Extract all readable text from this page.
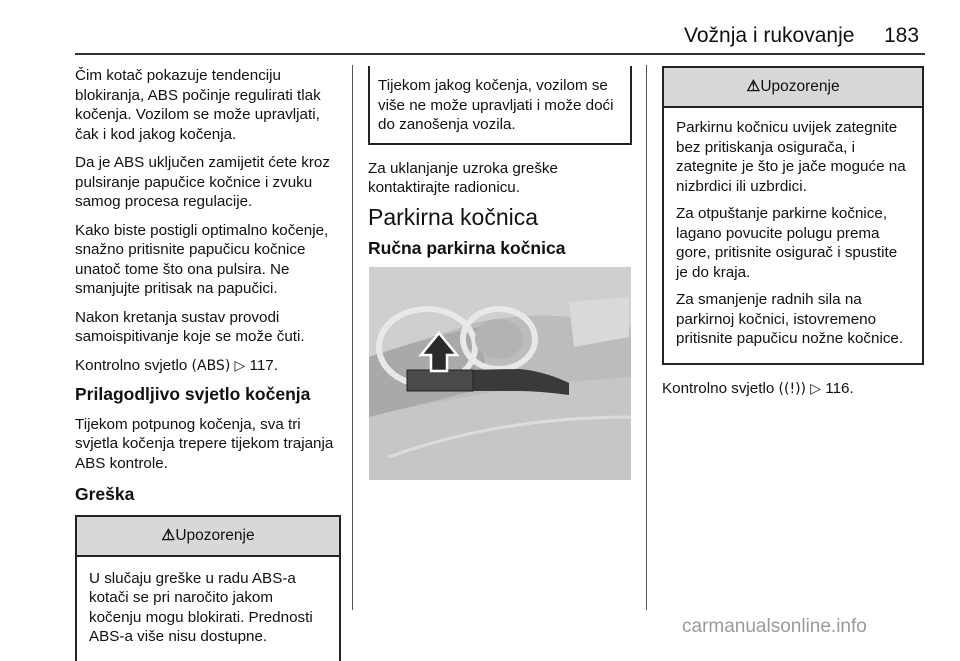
Vožnja i rukovanje 183

Čim kotač pokazuje tendenciju blokiranja, ABS počinje regulirati tlak kočenja. Vozilom se može upravljati, čak i kod jakog kočenja.

Da je ABS uključen zamijetit ćete kroz pulsiranje papučice kočnice i zvuku samog procesa regulacije.

Kako biste postigli optimalno kočenje, snažno pritisnite papučicu kočnice unatoč tome što ona pulsira. Ne smanjujte pritisak na papučici.

Nakon kretanja sustav provodi samoispitivanje koje se može čuti.

Kontrolno svjetlo (ABS) ▷ 117.

Prilagodljivo svjetlo kočenja

Tijekom potpunog kočenja, sva tri svjetla kočenja trepere tijekom trajanja ABS kontrole.

Greška
⚠ Upozorenje

U slučaju greške u radu ABS-a kotači se pri naročito jakom kočenju mogu blokirati. Prednosti ABS-a više nisu dostupne.

Tijekom jakog kočenja, vozilom se više ne može upravljati i može doći do zanošenja vozila.

Za uklanjanje uzroka greške kontaktirajte radionicu.

Parkirna kočnica
Ručna parkirna kočnica
⚠ Upozorenje

Parkirnu kočnicu uvijek zategnite bez pritiskanja osigurača, i zategnite je što je jače moguće na nizbrdici ili uzbrdici.

Za otpuštanje parkirne kočnice, lagano povucite polugu prema gore, pritisnite osigurač i spustite je do kraja.

Za smanjenje radnih sila na parkirnoj kočnici, istovremeno pritisnite papučicu nožne kočnice.

Kontrolno svjetlo ((!)) ▷ 116.

carmanualsonline.info
